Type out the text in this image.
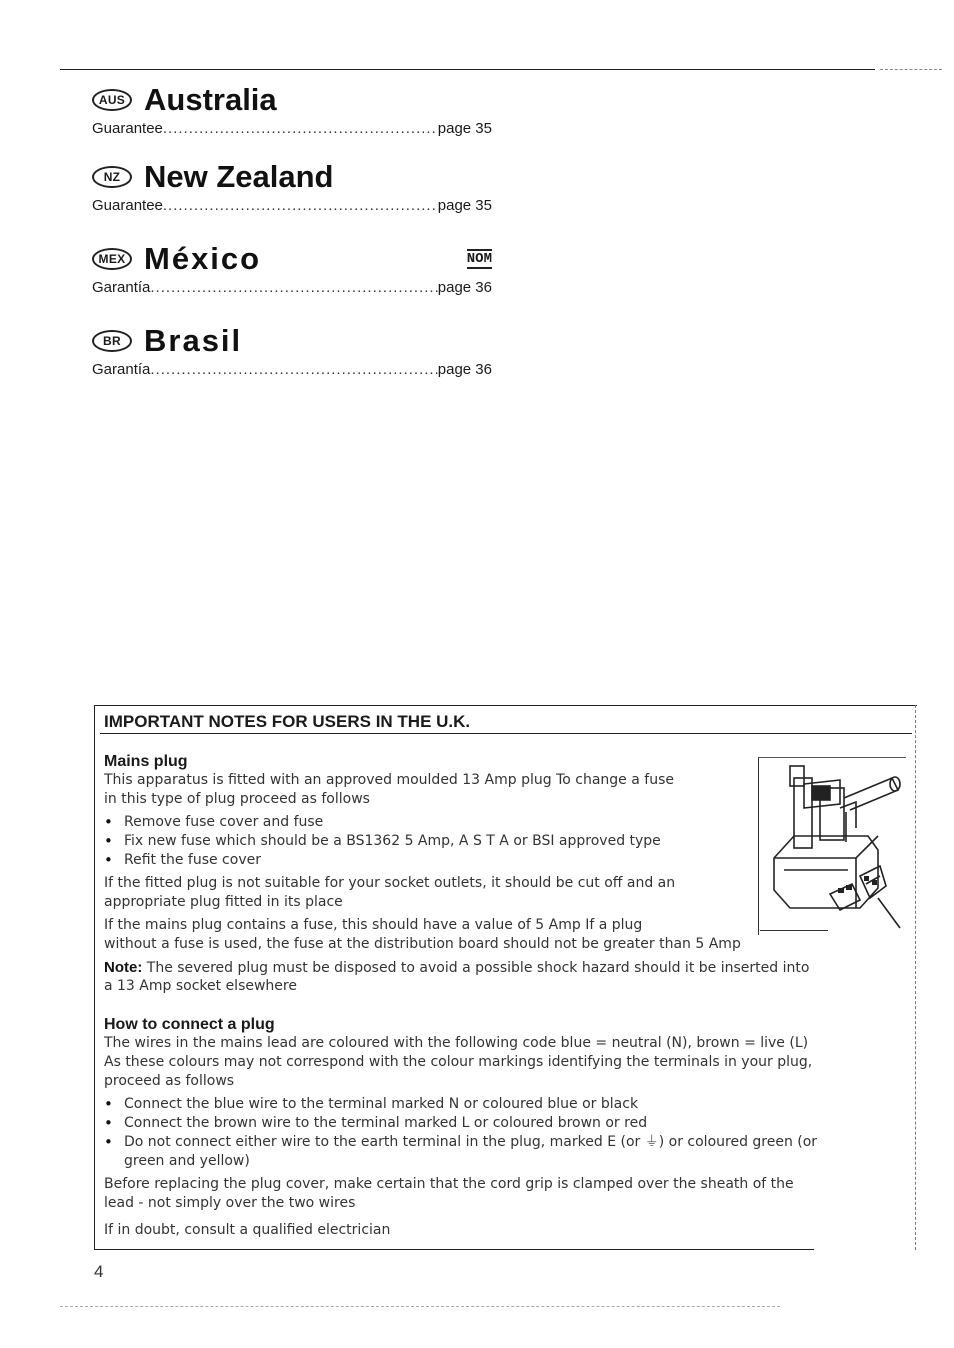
AUS Australia
Guarantee .....	page 35
NZ New Zealand
Guarantee .....	page 35
MEX México	NOM
Garantía .....	page 36
BR Brasil
Garantía .....	page 36
IMPORTANT NOTES FOR USERS IN THE U.K.
Mains plug
This apparatus is fitted with an approved moulded 13 Amp plug To change a fuse
in this type of plug proceed as follows
• Remove fuse cover and fuse
• Fix new fuse which should be a BS1362 5 Amp, A S T A or BSI approved type
• Refit the fuse cover
If the fitted plug is not suitable for your socket outlets, it should be cut off and an
appropriate plug fitted in its place
If the mains plug contains a fuse, this should have a value of 5 Amp If a plug
without a fuse is used, the fuse at the distribution board should not be greater than 5 Amp
Note: The severed plug must be disposed to avoid a possible shock hazard should it be inserted into
a 13 Amp socket elsewhere
How to connect a plug
The wires in the mains lead are coloured with the following code blue = neutral (N), brown = live (L)
As these colours may not correspond with the colour markings identifying the terminals in your plug,
proceed as follows
• Connect the blue wire to the terminal marked N or coloured blue or black
• Connect the brown wire to the terminal marked L or coloured brown or red
• Do not connect either wire to the earth terminal in the plug, marked E (or ⏚) or coloured green (or
green and yellow)
Before replacing the plug cover, make certain that the cord grip is clamped over the sheath of the
lead - not simply over the two wires
If in doubt, consult a qualified electrician
4
